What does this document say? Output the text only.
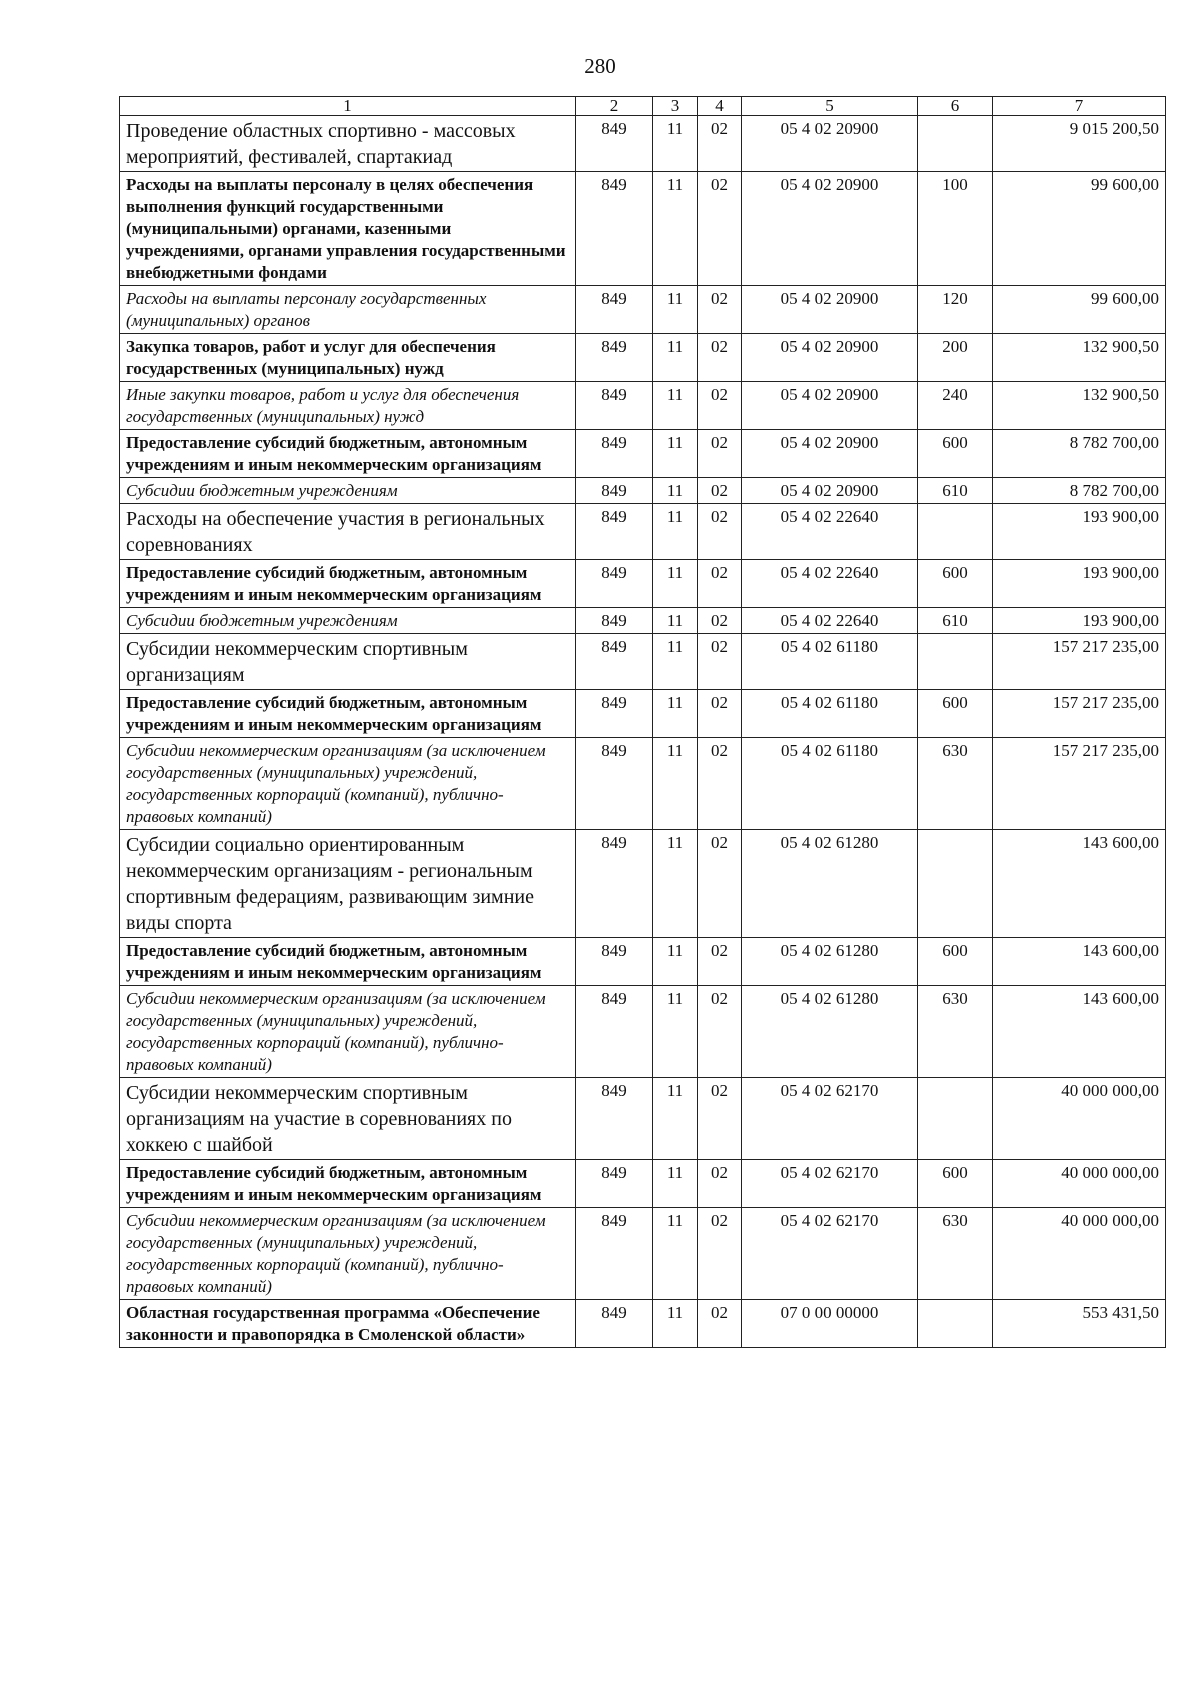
280
1	2	3	4	5	6	7
Проведение областных спортивно - массовых мероприятий, фестивалей, спартакиад	849	11	02	05 4 02 20900		9 015 200,50
Расходы на выплаты персоналу в целях обеспечения выполнения функций государственными (муниципальными) органами, казенными учреждениями, органами управления государственными внебюджетными фондами	849	11	02	05 4 02 20900	100	99 600,00
Расходы на выплаты персоналу государственных (муниципальных) органов	849	11	02	05 4 02 20900	120	99 600,00
Закупка товаров, работ и услуг для обеспечения государственных (муниципальных) нужд	849	11	02	05 4 02 20900	200	132 900,50
Иные закупки товаров, работ и услуг для обеспечения государственных (муниципальных) нужд	849	11	02	05 4 02 20900	240	132 900,50
Предоставление субсидий бюджетным, автономным учреждениям и иным некоммерческим организациям	849	11	02	05 4 02 20900	600	8 782 700,00
Субсидии бюджетным учреждениям	849	11	02	05 4 02 20900	610	8 782 700,00
Расходы на обеспечение участия в региональных соревнованиях	849	11	02	05 4 02 22640		193 900,00
Предоставление субсидий бюджетным, автономным учреждениям и иным некоммерческим организациям	849	11	02	05 4 02 22640	600	193 900,00
Субсидии бюджетным учреждениям	849	11	02	05 4 02 22640	610	193 900,00
Субсидии некоммерческим спортивным организациям	849	11	02	05 4 02 61180		157 217 235,00
Предоставление субсидий бюджетным, автономным учреждениям и иным некоммерческим организациям	849	11	02	05 4 02 61180	600	157 217 235,00
Субсидии некоммерческим организациям (за исключением государственных (муниципальных) учреждений, государственных корпораций (компаний), публично-правовых компаний)	849	11	02	05 4 02 61180	630	157 217 235,00
Субсидии социально ориентированным некоммерческим организациям - региональным спортивным федерациям, развивающим зимние виды спорта	849	11	02	05 4 02 61280		143 600,00
Предоставление субсидий бюджетным, автономным учреждениям и иным некоммерческим организациям	849	11	02	05 4 02 61280	600	143 600,00
Субсидии некоммерческим организациям (за исключением государственных (муниципальных) учреждений, государственных корпораций (компаний), публично-правовых компаний)	849	11	02	05 4 02 61280	630	143 600,00
Субсидии некоммерческим спортивным организациям на участие в соревнованиях по хоккею с шайбой	849	11	02	05 4 02 62170		40 000 000,00
Предоставление субсидий бюджетным, автономным учреждениям и иным некоммерческим организациям	849	11	02	05 4 02 62170	600	40 000 000,00
Субсидии некоммерческим организациям (за исключением государственных (муниципальных) учреждений, государственных корпораций (компаний), публично-правовых компаний)	849	11	02	05 4 02 62170	630	40 000 000,00
Областная государственная программа «Обеспечение законности и правопорядка в Смоленской области»	849	11	02	07 0 00 00000		553 431,50
